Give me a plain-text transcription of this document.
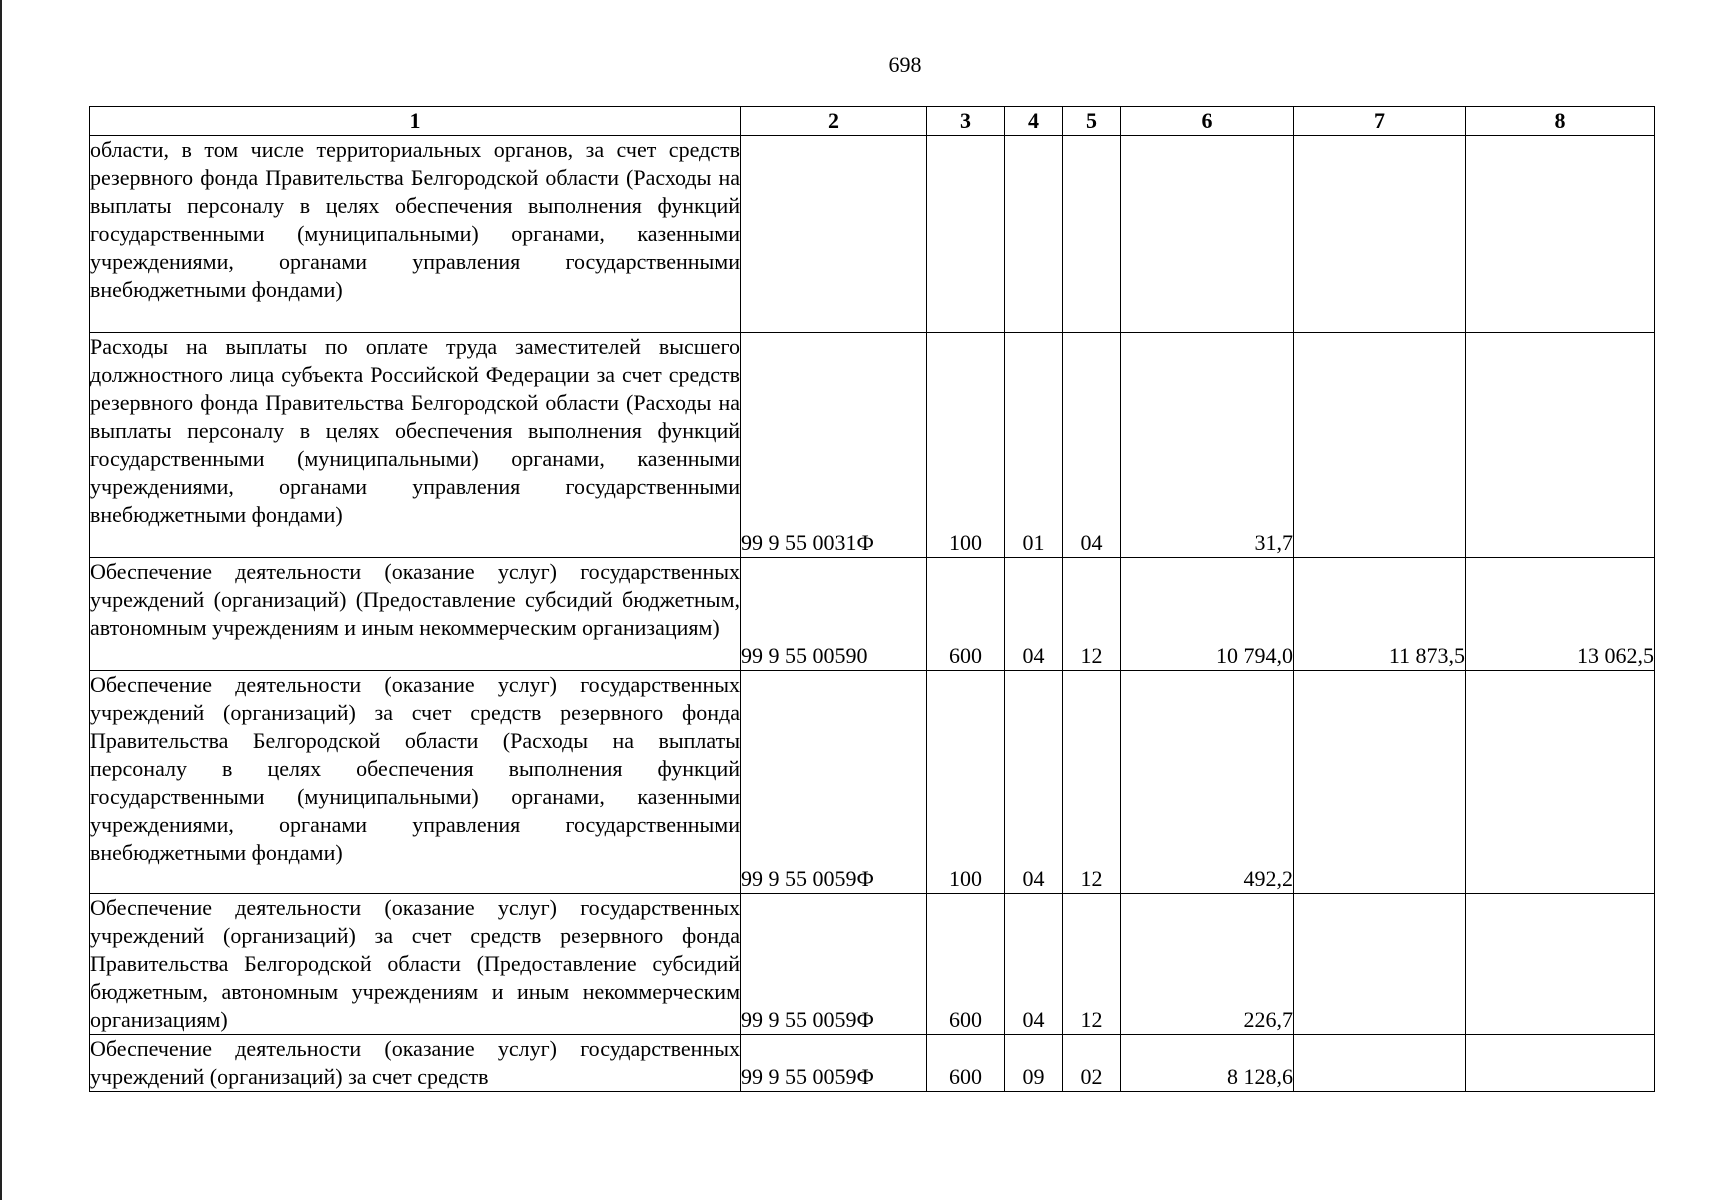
698
1	2	3	4	5	6	7	8
области, в том числе территориальных органов, за счет средств резервного фонда Правительства Белгородской области (Расходы на выплаты персоналу в целях обеспечения выполнения функций государственными (муниципальными) органами, казенными учреждениями, органами управления государственными внебюджетными фондами)							
Расходы на выплаты по оплате труда заместителей высшего должностного лица субъекта Российской Федерации за счет средств резервного фонда Правительства Белгородской области (Расходы на выплаты персоналу в целях обеспечения выполнения функций государственными (муниципальными) органами, казенными учреждениями, органами управления государственными внебюджетными фондами)	99 9 55 0031Ф	100	01	04	31,7		
Обеспечение деятельности (оказание услуг) государственных учреждений (организаций) (Предоставление субсидий бюджетным, автономным учреждениям и иным некоммерческим организациям)	99 9 55 00590	600	04	12	10 794,0	11 873,5	13 062,5
Обеспечение деятельности (оказание услуг) государственных учреждений (организаций) за счет средств резервного фонда Правительства Белгородской области (Расходы на выплаты персоналу в целях обеспечения выполнения функций государственными (муниципальными) органами, казенными учреждениями, органами управления государственными внебюджетными фондами)	99 9 55 0059Ф	100	04	12	492,2		
Обеспечение деятельности (оказание услуг) государственных учреждений (организаций) за счет средств резервного фонда Правительства Белгородской области (Предоставление субсидий бюджетным, автономным учреждениям и иным некоммерческим организациям)	99 9 55 0059Ф	600	04	12	226,7		
Обеспечение деятельности (оказание услуг) государственных учреждений (организаций) за счет средств	99 9 55 0059Ф	600	09	02	8 128,6		
